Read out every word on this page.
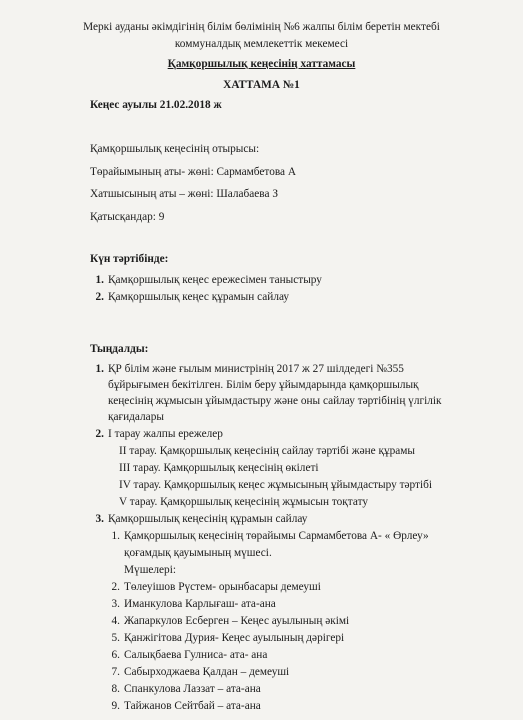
Меркі ауданы әкімдігінің білім бөлімінің №6 жалпы білім беретін мектебі
коммуналдық мемлекеттік мекемесі
Қамқоршылық кеңесінің хаттамасы
ХАТТАМА №1
Кеңес ауылы 21.02.2018 ж
Қамқоршылық кеңесінің отырысы:
Төрайымының аты- жөні: Сармамбетова А
Хатшысының аты – жөні: Шалабаева З
Қатысқандар: 9
Күн тәртібінде:
1. Қамқоршылық кеңес ережесімен таныстыру
2. Қамқоршылық кеңес құрамын сайлау
Тыңдалды:
1. ҚР білім және ғылым министрінің 2017 ж 27 шілдедегі №355
бұйрығымен бекітілген. Білім беру ұйымдарында қамқоршылық
кеңесінің жұмысын ұйымдастыру және оны сайлау тәртібінің үлгілік
қағидалары
2. І тарау жалпы ережелер
ІІ тарау. Қамқоршылық кеңесінің сайлау тәртібі және құрамы
ІІІ тарау. Қамқоршылық кеңесінің өкілеті
ІV тарау. Қамқоршылық кеңес жұмысының ұйымдастыру тәртібі
V тарау. Қамқоршылық кеңесінің жұмысын тоқтату
3. Қамқоршылық кеңесінің құрамын сайлау
1. Қамқоршылық кеңесінің төрайымы Сармамбетова А- « Өрлеу»
қоғамдық қауымының мүшесі.
Мүшелері:
2. Төлеуішов Рүстем- орынбасары демеуші
3. Иманкулова Карлығаш- ата-ана
4. Жапаркулов Есберген – Кеңес ауылының әкімі
5. Қанжігітова Дурия- Кеңес ауылының дәрігері
6. Салықбаева Гулниса- ата- ана
7. Сабырходжаева Қалдан – демеуші
8. Спанкулова Лаззат – ата-ана
9. Тайжанов Сейтбай – ата-ана
